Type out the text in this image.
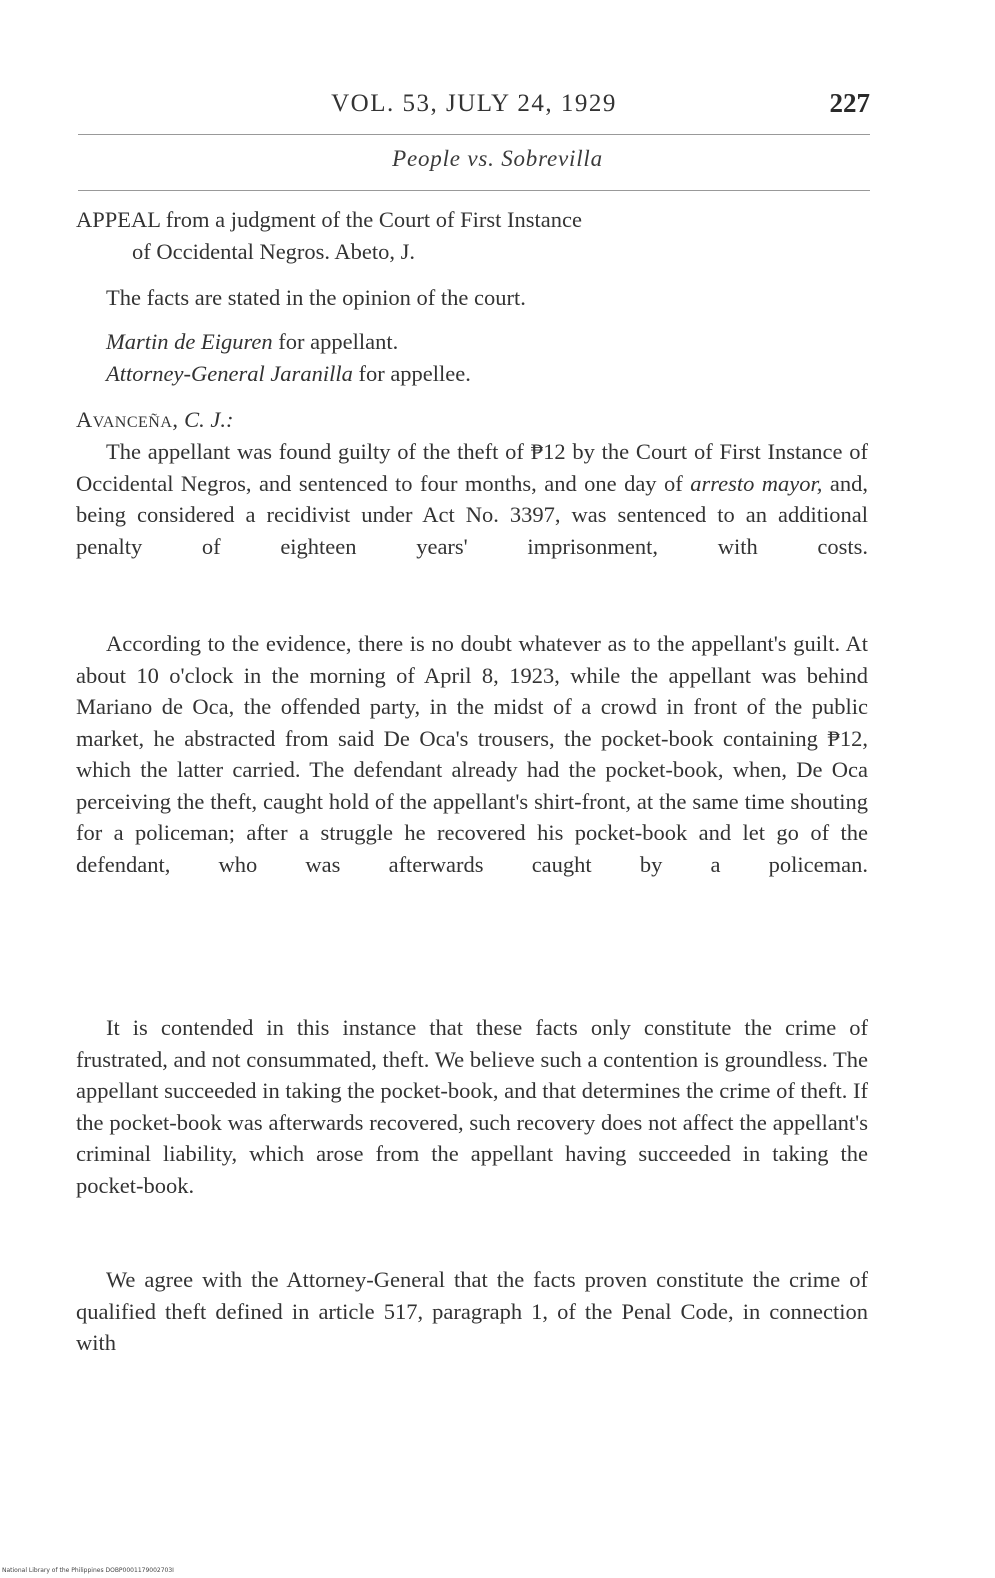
VOL. 53, JULY 24, 1929	227
People vs. Sobrevilla
APPEAL from a judgment of the Court of First Instance
of Occidental Negros. Abeto, J.
The facts are stated in the opinion of the court.
Martin de Eiguren for appellant.
Attorney-General Jaranilla for appellee.
Avanceña, C. J.:
The appellant was found guilty of the theft of ₱12 by the Court of First Instance of Occidental Negros, and sentenced to four months, and one day of arresto mayor, and, being considered a recidivist under Act No. 3397, was sentenced to an additional penalty of eighteen years' imprisonment, with costs.
According to the evidence, there is no doubt whatever as to the appellant's guilt. At about 10 o'clock in the morning of April 8, 1923, while the appellant was behind Mariano de Oca, the offended party, in the midst of a crowd in front of the public market, he abstracted from said De Oca's trousers, the pocket-book containing ₱12, which the latter carried. The defendant already had the pocket-book, when, De Oca perceiving the theft, caught hold of the appellant's shirt-front, at the same time shouting for a policeman; after a struggle he recovered his pocket-book and let go of the defendant, who was afterwards caught by a policeman.
It is contended in this instance that these facts only constitute the crime of frustrated, and not consummated, theft. We believe such a contention is groundless. The appellant succeeded in taking the pocket-book, and that determines the crime of theft. If the pocket-book was afterwards recovered, such recovery does not affect the appellant's criminal liability, which arose from the appellant having succeeded in taking the pocket-book.
We agree with the Attorney-General that the facts proven constitute the crime of qualified theft defined in article 517, paragraph 1, of the Penal Code, in connection with
National Library of the Philippines DOBP0001179002703I
